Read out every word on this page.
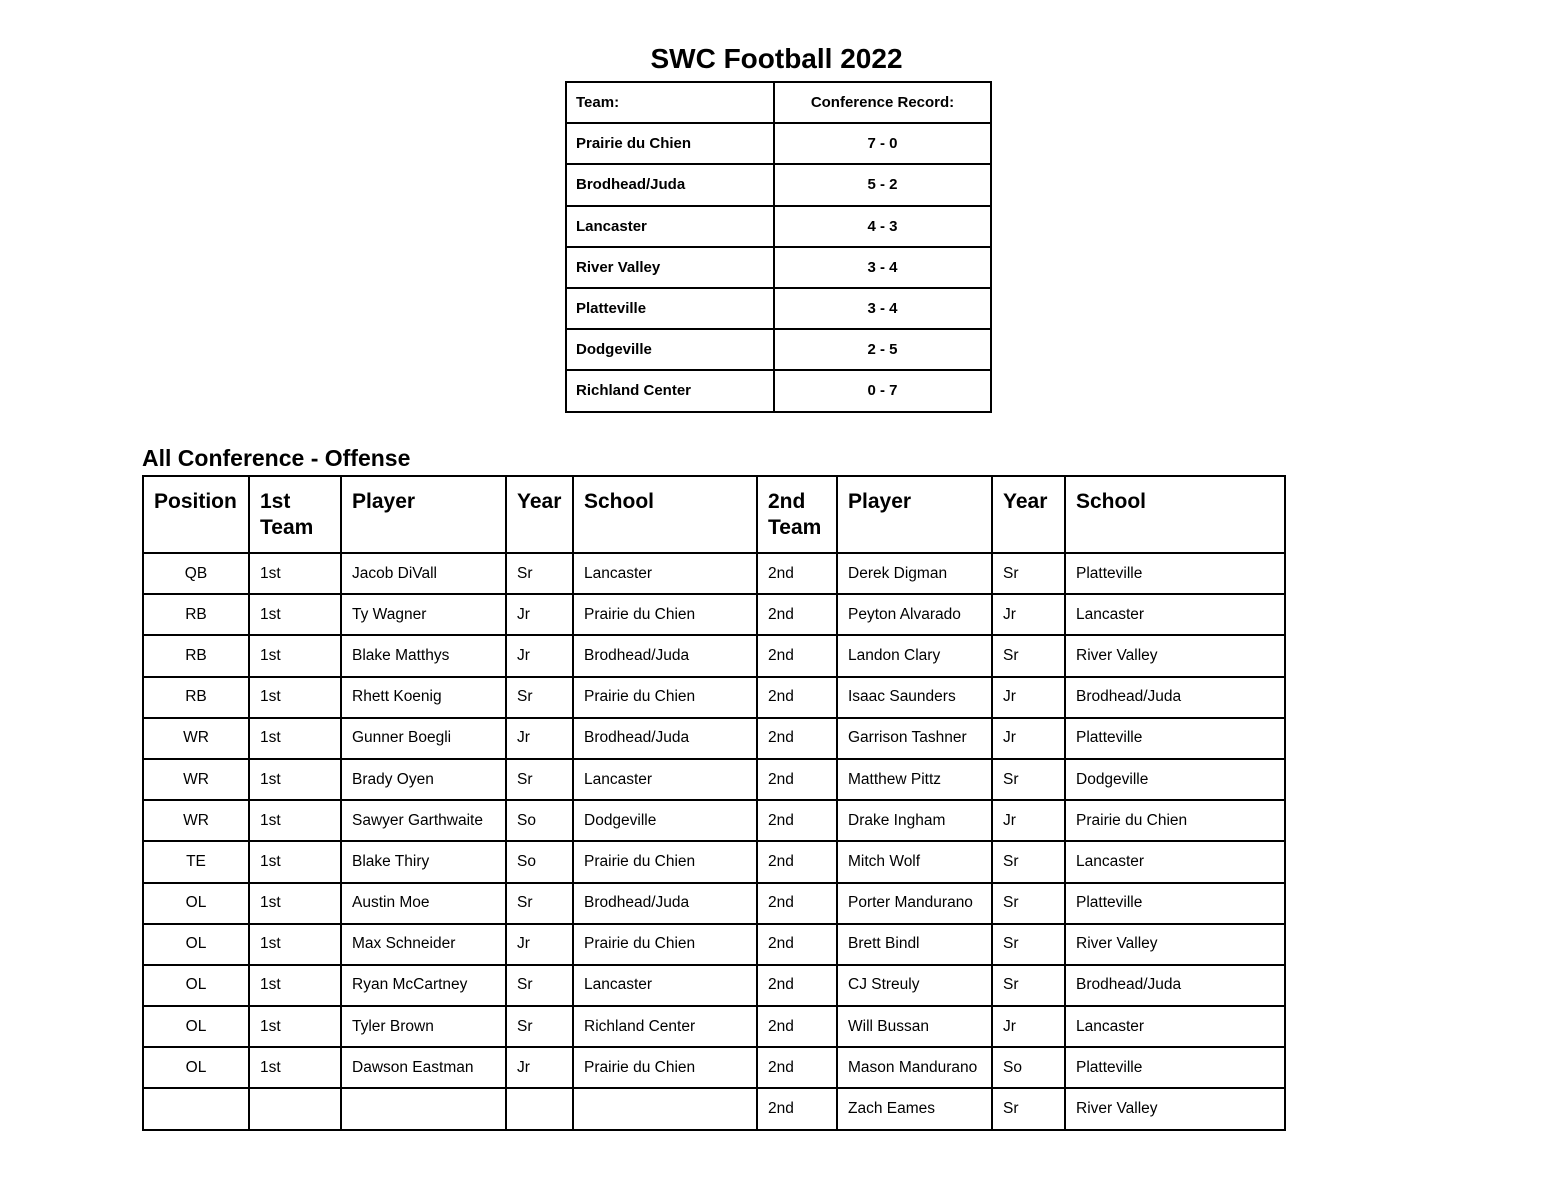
SWC Football 2022
Team:	Conference Record:
Prairie du Chien	7 - 0
Brodhead/Juda	5 - 2
Lancaster	4 - 3
River Valley	3 - 4
Platteville	3 - 4
Dodgeville	2 - 5
Richland Center	0 - 7
All Conference - Offense
Position	1st Team	Player	Year	School	2nd Team	Player	Year	School
QB	1st	Jacob DiVall	Sr	Lancaster	2nd	Derek Digman	Sr	Platteville
RB	1st	Ty Wagner	Jr	Prairie du Chien	2nd	Peyton Alvarado	Jr	Lancaster
RB	1st	Blake Matthys	Jr	Brodhead/Juda	2nd	Landon Clary	Sr	River Valley
RB	1st	Rhett Koenig	Sr	Prairie du Chien	2nd	Isaac Saunders	Jr	Brodhead/Juda
WR	1st	Gunner Boegli	Jr	Brodhead/Juda	2nd	Garrison Tashner	Jr	Platteville
WR	1st	Brady Oyen	Sr	Lancaster	2nd	Matthew Pittz	Sr	Dodgeville
WR	1st	Sawyer Garthwaite	So	Dodgeville	2nd	Drake Ingham	Jr	Prairie du Chien
TE	1st	Blake Thiry	So	Prairie du Chien	2nd	Mitch Wolf	Sr	Lancaster
OL	1st	Austin Moe	Sr	Brodhead/Juda	2nd	Porter Mandurano	Sr	Platteville
OL	1st	Max Schneider	Jr	Prairie du Chien	2nd	Brett Bindl	Sr	River Valley
OL	1st	Ryan McCartney	Sr	Lancaster	2nd	CJ Streuly	Sr	Brodhead/Juda
OL	1st	Tyler Brown	Sr	Richland Center	2nd	Will Bussan	Jr	Lancaster
OL	1st	Dawson Eastman	Jr	Prairie du Chien	2nd	Mason Mandurano	So	Platteville
					2nd	Zach Eames	Sr	River Valley
